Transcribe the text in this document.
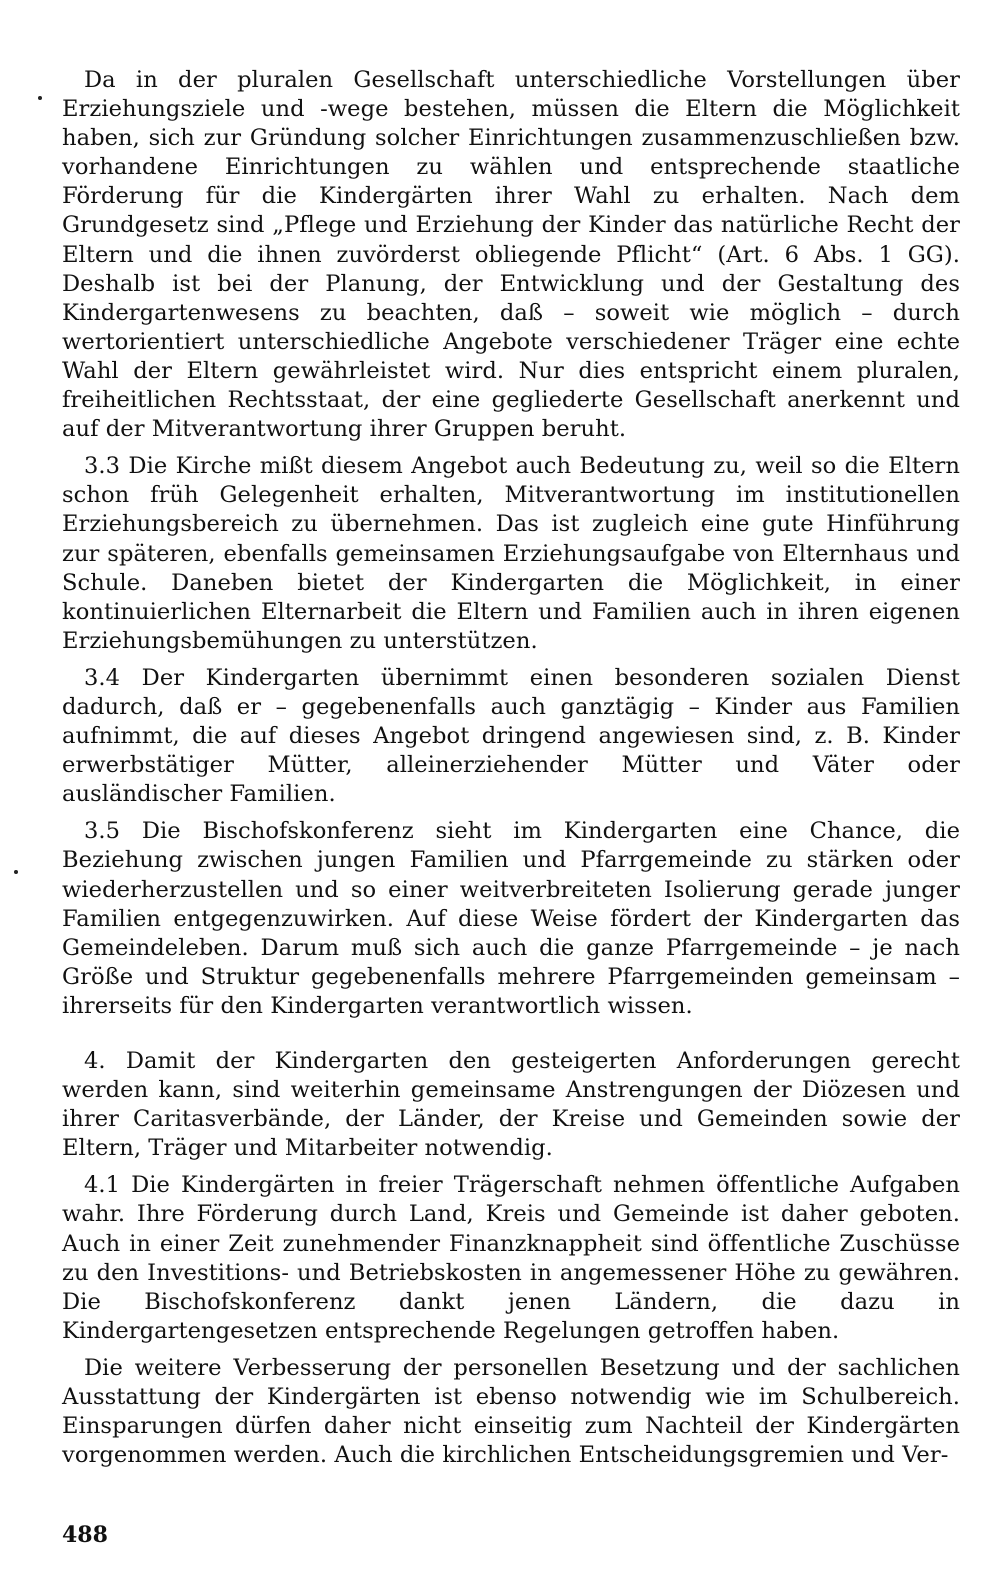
Da in der pluralen Gesellschaft unterschiedliche Vorstellungen über Erziehungsziele und -wege bestehen, müssen die Eltern die Möglichkeit haben, sich zur Gründung solcher Einrichtungen zusammenzuschließen bzw. vorhandene Einrichtungen zu wählen und entsprechende staatliche Förderung für die Kindergärten ihrer Wahl zu erhalten. Nach dem Grundgesetz sind „Pflege und Erziehung der Kinder das natürliche Recht der Eltern und die ihnen zuvörderst obliegende Pflicht“ (Art. 6 Abs. 1 GG). Deshalb ist bei der Planung, der Entwicklung und der Gestaltung des Kindergartenwesens zu beachten, daß – soweit wie möglich – durch wertorientiert unterschiedliche Angebote verschiedener Träger eine echte Wahl der Eltern gewährleistet wird. Nur dies entspricht einem pluralen, freiheitlichen Rechtsstaat, der eine gegliederte Gesellschaft anerkennt und auf der Mitverantwortung ihrer Gruppen beruht.

3.3 Die Kirche mißt diesem Angebot auch Bedeutung zu, weil so die Eltern schon früh Gelegenheit erhalten, Mitverantwortung im institutionellen Erziehungsbereich zu übernehmen. Das ist zugleich eine gute Hinführung zur späteren, ebenfalls gemeinsamen Erziehungsaufgabe von Elternhaus und Schule. Daneben bietet der Kindergarten die Möglichkeit, in einer kontinuierlichen Elternarbeit die Eltern und Familien auch in ihren eigenen Erziehungsbemühungen zu unterstützen.

3.4 Der Kindergarten übernimmt einen besonderen sozialen Dienst dadurch, daß er – gegebenenfalls auch ganztägig – Kinder aus Familien aufnimmt, die auf dieses Angebot dringend angewiesen sind, z. B. Kinder erwerbstätiger Mütter, alleinerziehender Mütter und Väter oder ausländischer Familien.

3.5 Die Bischofskonferenz sieht im Kindergarten eine Chance, die Beziehung zwischen jungen Familien und Pfarrgemeinde zu stärken oder wiederherzustellen und so einer weitverbreiteten Isolierung gerade junger Familien entgegenzuwirken. Auf diese Weise fördert der Kindergarten das Gemeindeleben. Darum muß sich auch die ganze Pfarrgemeinde – je nach Größe und Struktur gegebenenfalls mehrere Pfarrgemeinden gemeinsam – ihrerseits für den Kindergarten verantwortlich wissen.

4. Damit der Kindergarten den gesteigerten Anforderungen gerecht werden kann, sind weiterhin gemeinsame Anstrengungen der Diözesen und ihrer Caritasverbände, der Länder, der Kreise und Gemeinden sowie der Eltern, Träger und Mitarbeiter notwendig.

4.1 Die Kindergärten in freier Trägerschaft nehmen öffentliche Aufgaben wahr. Ihre Förderung durch Land, Kreis und Gemeinde ist daher geboten. Auch in einer Zeit zunehmender Finanzknappheit sind öffentliche Zuschüsse zu den Investitions- und Betriebskosten in angemessener Höhe zu gewähren. Die Bischofskonferenz dankt jenen Ländern, die dazu in Kindergartengesetzen entsprechende Regelungen getroffen haben.

Die weitere Verbesserung der personellen Besetzung und der sachlichen Ausstattung der Kindergärten ist ebenso notwendig wie im Schulbereich. Einsparungen dürfen daher nicht einseitig zum Nachteil der Kindergärten vorgenommen werden. Auch die kirchlichen Entscheidungsgremien und Ver-

488
